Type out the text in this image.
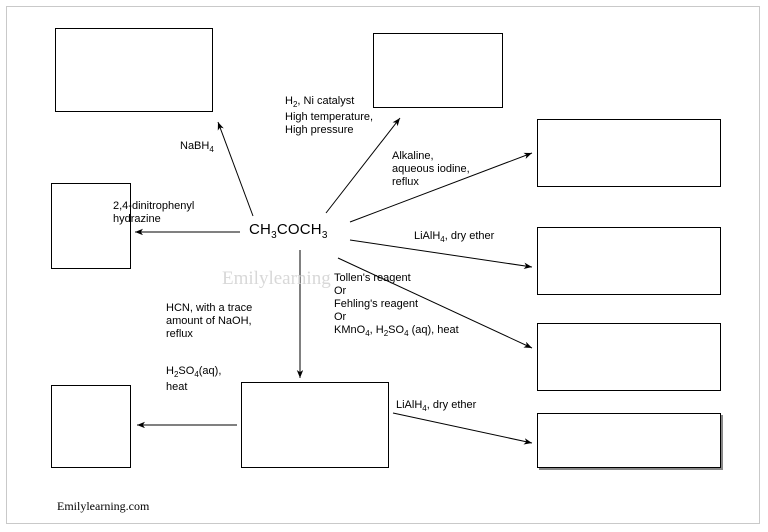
$CH_3COCH_3$
NaBH$_4$
$H_2$, Ni catalyst
High temperature,
High pressure
2,4-dinitrophenyl
hydrazine
Alkaline,
aqueous iodine,
reflux
LiAlH$_4$, dry ether
Tollen's reagent
Or
Fehling's reagent
Or
KMnO$_4$, $H_2SO_4$ (aq), heat
HCN, with a trace
amount of NaOH,
reflux
$H_2SO_4(aq)$,
heat
LiAlH$_4$, dry ether
Emilylearning
Emilylearning.com
